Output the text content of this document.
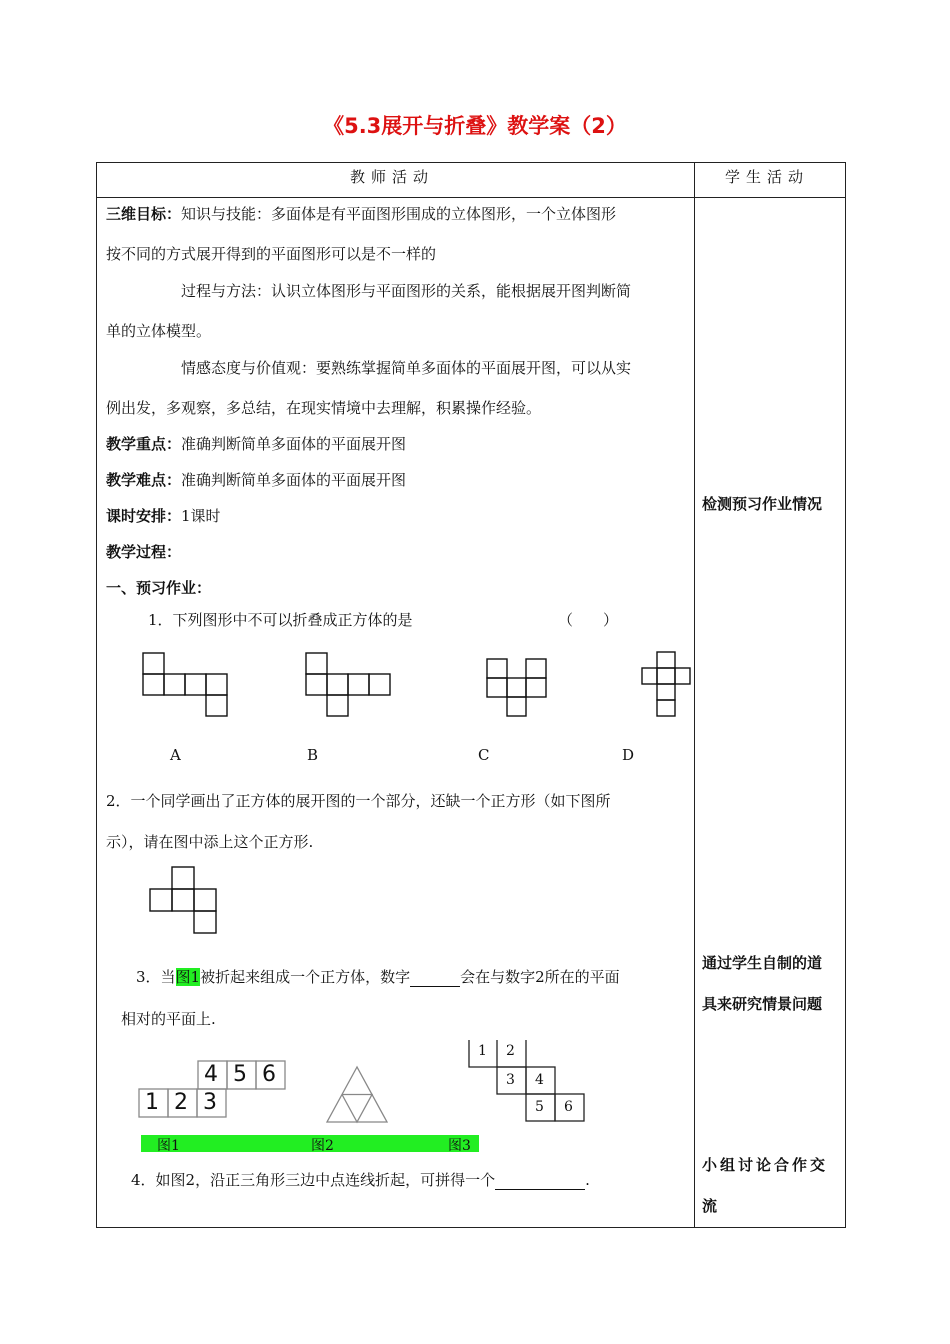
《5.3展开与折叠》教学案（2）
教师活动	学生活动
三维目标：知识与技能：多面体是有平面图形围成的立体图形，一个立体图形
按不同的方式展开得到的平面图形可以是不一样的
过程与方法：认识立体图形与平面图形的关系，能根据展开图判断简
单的立体模型。
情感态度与价值观：要熟练掌握简单多面体的平面展开图，可以从实
例出发，多观察，多总结，在现实情境中去理解，积累操作经验。
教学重点：准确判断简单多面体的平面展开图
教学难点：准确判断简单多面体的平面展开图
课时安排：1课时
教学过程：
一、预习作业：
1．下列图形中不可以折叠成正方体的是	（　　）
A	B	C	D
2．一个同学画出了正方体的展开图的一个部分，还缺一个正方形（如下图所
示），请在图中添上这个正方形.
3．当图1被折起来组成一个正方体，数字	会在与数字2所在的平面
相对的平面上.
4 5 6
1 2 3
1 2
3 4
5 6
图1	图2	图3
4．如图2，沿正三角形三边中点连线折起，可拼得一个	.
检测预习作业情况
通过学生自制的道
具来研究情景问题
小组讨论合作交
流
